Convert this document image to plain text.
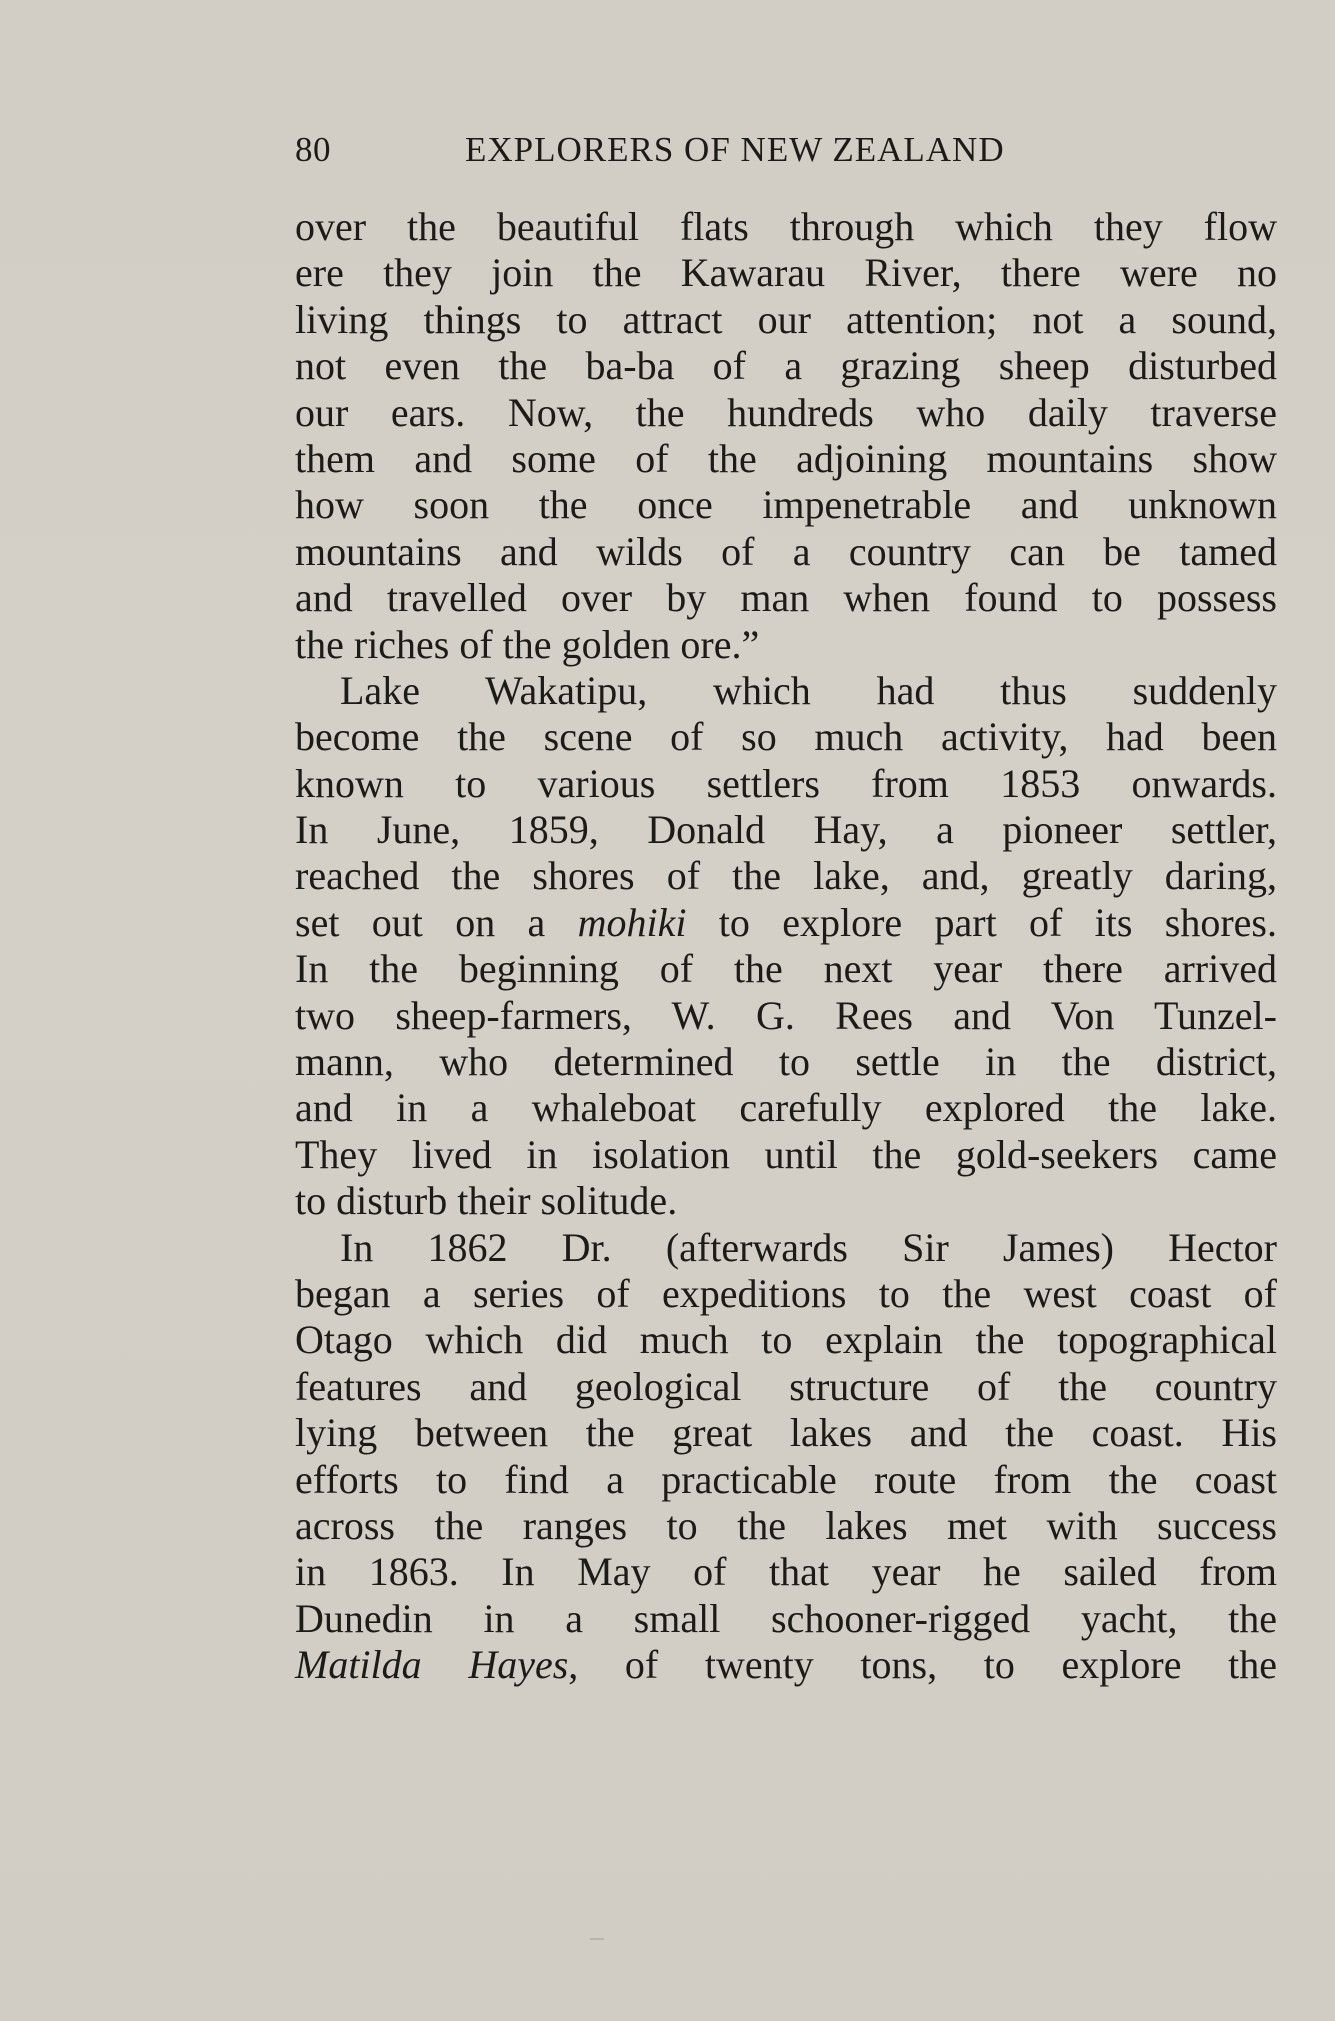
80	EXPLORERS OF NEW ZEALAND
over the beautiful flats through which they flow
ere they join the Kawarau River, there were no
living things to attract our attention; not a sound,
not even the ba-ba of a grazing sheep disturbed
our ears. Now, the hundreds who daily traverse
them and some of the adjoining mountains show
how soon the once impenetrable and unknown
mountains and wilds of a country can be tamed
and travelled over by man when found to possess
the riches of the golden ore.”
Lake Wakatipu, which had thus suddenly
become the scene of so much activity, had been
known to various settlers from 1853 onwards.
In June, 1859, Donald Hay, a pioneer settler,
reached the shores of the lake, and, greatly daring,
set out on a mohiki to explore part of its shores.
In the beginning of the next year there arrived
two sheep-farmers, W. G. Rees and Von Tunzel-
mann, who determined to settle in the district,
and in a whaleboat carefully explored the lake.
They lived in isolation until the gold-seekers came
to disturb their solitude.
In 1862 Dr. (afterwards Sir James) Hector
began a series of expeditions to the west coast of
Otago which did much to explain the topographical
features and geological structure of the country
lying between the great lakes and the coast. His
efforts to find a practicable route from the coast
across the ranges to the lakes met with success
in 1863. In May of that year he sailed from
Dunedin in a small schooner-rigged yacht, the
Matilda Hayes, of twenty tons, to explore the
